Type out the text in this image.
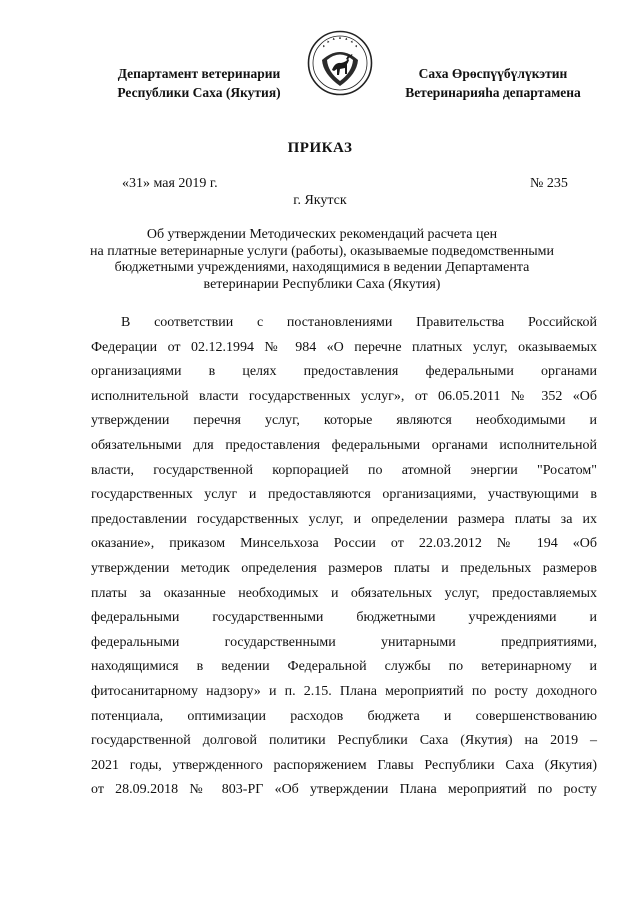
Департамент ветеринарии
Республики Саха (Якутия)
Саха Өрөспүүбүлүкэтин
Ветеринарияһа департамена
ПРИКАЗ
«31» мая 2019 г.	№ 235
г. Якутск
Об утверждении Методических рекомендаций расчета цен
на платные ветеринарные услуги (работы), оказываемые подведомственными
бюджетными учреждениями, находящимися в ведении Департамента
ветеринарии Республики Саха (Якутия)
В соответствии с постановлениями Правительства Российской
Федерации от 02.12.1994 № 984 «О перечне платных услуг, оказываемых
организациями в целях предоставления федеральными органами
исполнительной власти государственных услуг», от 06.05.2011 № 352 «Об
утверждении перечня услуг, которые являются необходимыми и
обязательными для предоставления федеральными органами исполнительной
власти, государственной корпорацией по атомной энергии "Росатом"
государственных услуг и предоставляются организациями, участвующими в
предоставлении государственных услуг, и определении размера платы за их
оказание», приказом Минсельхоза России от 22.03.2012 № 194 «Об
утверждении методик определения размеров платы и предельных размеров
платы за оказанные необходимых и обязательных услуг, предоставляемых
федеральными государственными бюджетными учреждениями и
федеральными государственными унитарными предприятиями,
находящимися в ведении Федеральной службы по ветеринарному и
фитосанитарному надзору» и п. 2.15. Плана мероприятий по росту доходного
потенциала, оптимизации расходов бюджета и совершенствованию
государственной долговой политики Республики Саха (Якутия) на 2019 –
2021 годы, утвержденного распоряжением Главы Республики Саха (Якутия)
от 28.09.2018 № 803-РГ «Об утверждении Плана мероприятий по росту
